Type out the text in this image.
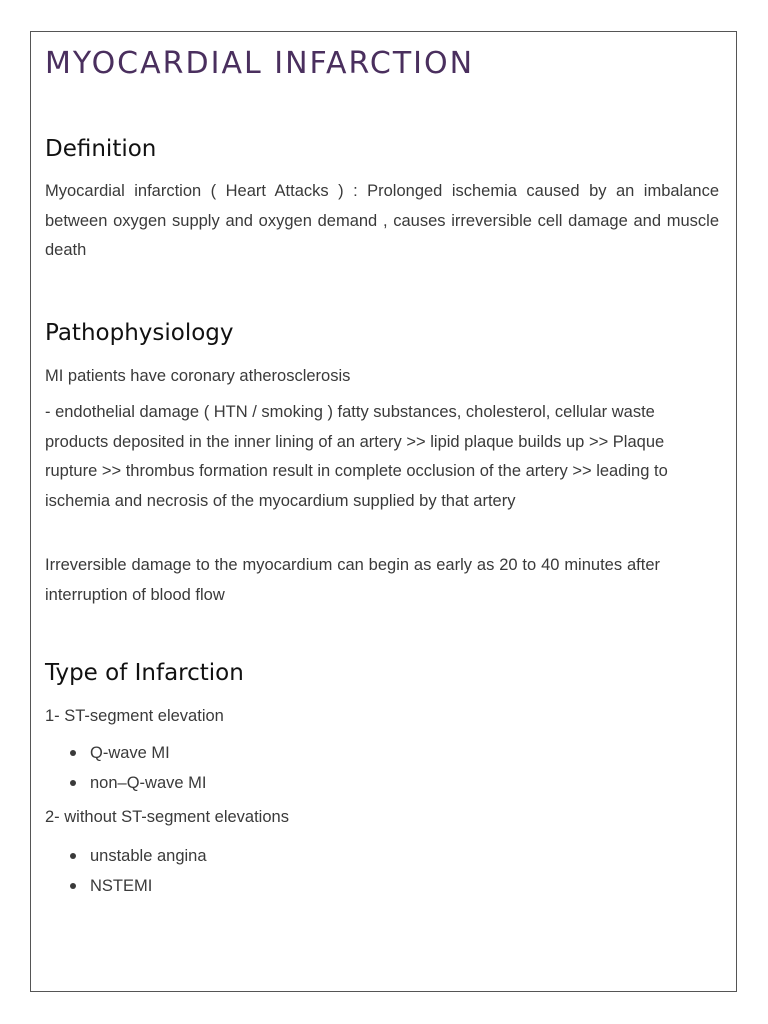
MYOCARDIAL INFARCTION
Definition

Myocardial infarction ( Heart Attacks ) : Prolonged ischemia caused by an imbalance between oxygen supply and oxygen demand , causes irreversible cell damage and muscle death

Pathophysiology

MI patients have coronary atherosclerosis

- endothelial damage ( HTN / smoking ) fatty substances, cholesterol, cellular waste products deposited in the inner lining of an artery >> lipid plaque builds up >> Plaque rupture >> thrombus formation result in complete occlusion of the artery >> leading to ischemia and necrosis of the myocardium supplied by that artery

Irreversible damage to the myocardium can begin as early as 20 to 40 minutes after interruption of blood flow

Type of Infarction

1- ST-segment elevation

Q-wave MI
non–Q-wave MI

2- without ST-segment elevations

unstable angina
NSTEMI
